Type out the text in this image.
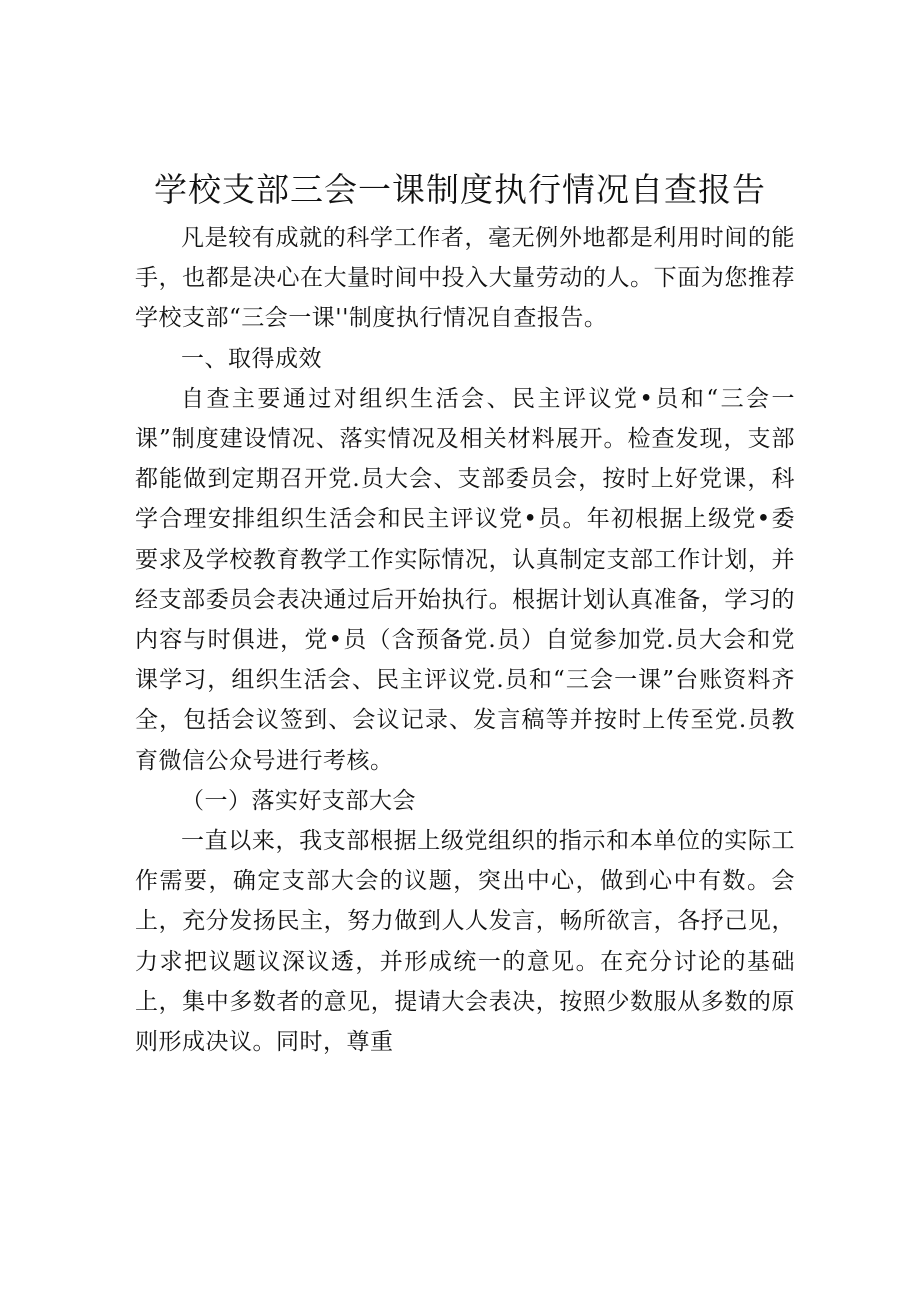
学校支部三会一课制度执行情况自查报告

凡是较有成就的科学工作者，毫无例外地都是利用时间的能手，也都是决心在大量时间中投入大量劳动的人。下面为您推荐学校支部“三会一课''制度执行情况自查报告。

一、取得成效

自查主要通过对组织生活会、民主评议党•员和“三会一课”制度建设情况、落实情况及相关材料展开。检查发现，支部都能做到定期召开党.员大会、支部委员会，按时上好党课，科学合理安排组织生活会和民主评议党•员。年初根据上级党•委要求及学校教育教学工作实际情况，认真制定支部工作计划，并经支部委员会表决通过后开始执行。根据计划认真准备，学习的内容与时俱进，党•员（含预备党.员）自觉参加党.员大会和党课学习，组织生活会、民主评议党.员和“三会一课”台账资料齐全，包括会议签到、会议记录、发言稿等并按时上传至党.员教育微信公众号进行考核。

（一）落实好支部大会

一直以来，我支部根据上级党组织的指示和本单位的实际工作需要，确定支部大会的议题，突出中心，做到心中有数。会上，充分发扬民主，努力做到人人发言，畅所欲言，各抒己见，力求把议题议深议透，并形成统一的意见。在充分讨论的基础上，集中多数者的意见，提请大会表决，按照少数服从多数的原则形成决议。同时，尊重
